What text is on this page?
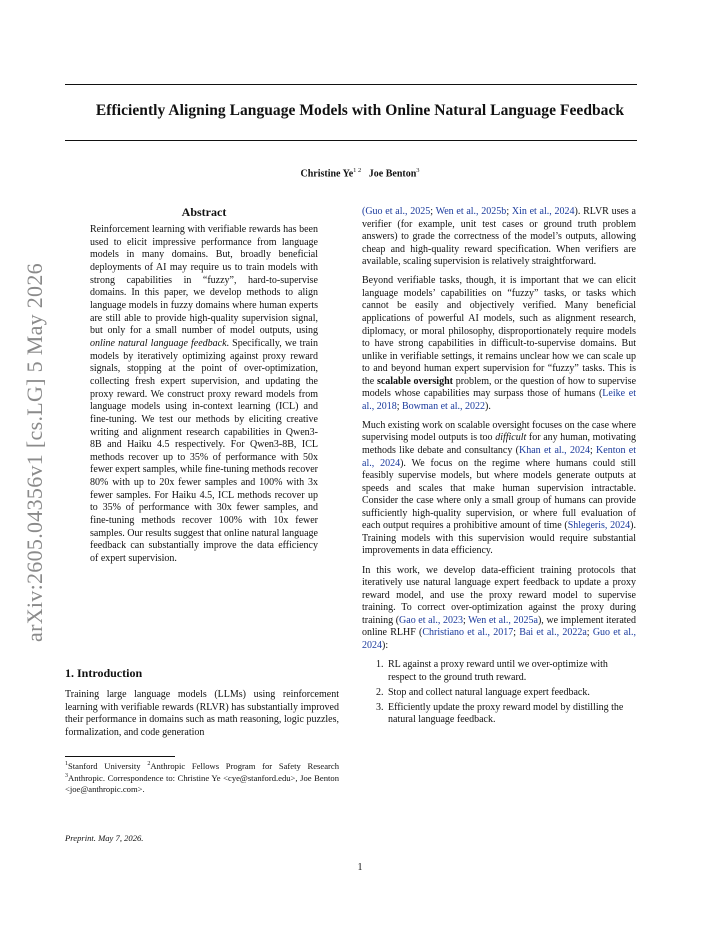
Efficiently Aligning Language Models with Online Natural Language Feedback
Christine $Ye^{1 2}$ Joe Benton$^3$
arXiv:2605.04356v1 [cs.LG] 5 May 2026
Abstract
Reinforcement learning with verifiable rewards has been used to elicit impressive performance from language models in many domains. But, broadly beneficial deployments of AI may require us to train models with strong capabilities in “fuzzy”, hard-to-supervise domains. In this paper, we develop methods to align language models in fuzzy domains where human experts are still able to provide high-quality supervision signal, but only for a small number of model outputs, using online natural language feedback. Specifically, we train models by iteratively optimizing against proxy reward signals, stopping at the point of over-optimization, collecting fresh expert supervision, and updating the proxy reward. We construct proxy reward models from language models using in-context learning (ICL) and fine-tuning. We test our methods by eliciting creative writing and alignment research capabilities in Qwen3-8B and Haiku 4.5 respectively. For Qwen3-8B, ICL methods recover up to 35% of performance with 50x fewer expert samples, while fine-tuning methods recover 80% with up to 20x fewer samples and 100% with 3x fewer samples. For Haiku 4.5, ICL methods recover up to 35% of performance with 30x fewer samples, and fine-tuning methods recover 100% with 10x fewer samples. Our results suggest that online natural language feedback can substantially improve the data efficiency of expert supervision.
1. Introduction
Training large language models (LLMs) using reinforcement learning with verifiable rewards (RLVR) has substantially improved their performance in domains such as math reasoning, logic puzzles, formalization, and code generation
$^1$Stanford University $^2$Anthropic Fellows Program for Safety Research $^3$Anthropic. Correspondence to: Christine Ye <cye@stanford.edu>, Joe Benton <joe@anthropic.com>.
Preprint. May 7, 2026.

(Guo et al., 2025; Wen et al., 2025b; Xin et al., 2024). RLVR uses a verifier (for example, unit test cases or ground truth problem answers) to grade the correctness of the model’s outputs, allowing cheap and high-quality reward specification. When verifiers are available, scaling supervision is relatively straightforward.

Beyond verifiable tasks, though, it is important that we can elicit language models’ capabilities on “fuzzy” tasks, or tasks which cannot be easily and objectively verified. Many beneficial applications of powerful AI models, such as alignment research, diplomacy, or moral philosophy, disproportionately require models to have strong capabilities in difficult-to-supervise domains. But unlike in verifiable settings, it remains unclear how we can scale up to and beyond human expert supervision for “fuzzy” tasks. This is the scalable oversight problem, or the question of how to supervise models whose capabilities may surpass those of humans (Leike et al., 2018; Bowman et al., 2022).

Much existing work on scalable oversight focuses on the case where supervising model outputs is too difficult for any human, motivating methods like debate and consultancy (Khan et al., 2024; Kenton et al., 2024). We focus on the regime where humans could still feasibly supervise models, but where models generate outputs at speeds and scales that make human supervision intractable. Consider the case where only a small group of humans can provide sufficiently high-quality supervision, or where full evaluation of each output requires a prohibitive amount of time (Shlegeris, 2024). Training models with this supervision would require substantial improvements in data efficiency.

In this work, we develop data-efficient training protocols that iteratively use natural language expert feedback to update a proxy reward model, and use the proxy reward model to supervise training. To correct over-optimization against the proxy during training (Gao et al., 2023; Wen et al., 2025a), we implement iterated online RLHF (Christiano et al., 2017; Bai et al., 2022a; Guo et al., 2024):

1. RL against a proxy reward until we over-optimize with respect to the ground truth reward.
2. Stop and collect natural language expert feedback.
3. Efficiently update the proxy reward model by distilling the natural language feedback.
1
